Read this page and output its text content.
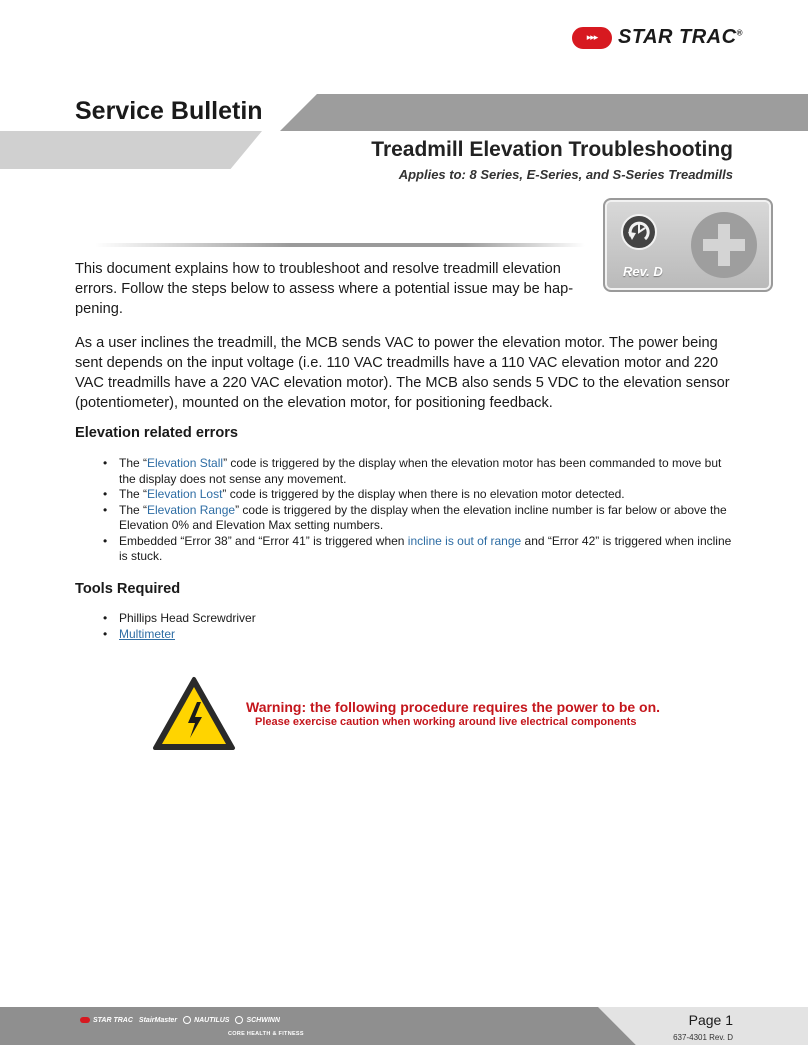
▸▸▸ STAR TRAC®
Service Bulletin
Treadmill Elevation Troubleshooting
Applies to: 8 Series, E-Series, and S-Series Treadmills
Rev. D

This document explains how to troubleshoot and resolve treadmill elevation errors. Follow the steps below to assess where a potential issue may be hap-pening.

As a user inclines the treadmill, the MCB sends VAC to power the elevation motor. The power being sent depends on the input voltage (i.e. 110 VAC treadmills have a 110 VAC elevation motor and 220 VAC treadmills have a 220 VAC elevation motor). The MCB also sends 5 VDC to the elevation sensor (potentiometer), mounted on the elevation motor, for positioning feedback.

Elevation related errors
• The “Elevation Stall” code is triggered by the display when the elevation motor has been commanded to move but the display does not sense any movement.
• The “Elevation Lost” code is triggered by the display when there is no elevation motor detected.
• The “Elevation Range” code is triggered by the display when the elevation incline number is far below or above the Elevation 0% and Elevation Max setting numbers.
• Embedded “Error 38” and “Error 41” is triggered when incline is out of range and “Error 42” is triggered when incline is stuck.
Tools Required
• Phillips Head Screwdriver
• Multimeter
Warning: the following procedure requires the power to be on.
Please exercise caution when working around live electrical components
STAR TRAC StairMaster NAUTILUS SCHWINN
CORE HEALTH & FITNESS
Page 1
637-4301 Rev. D
